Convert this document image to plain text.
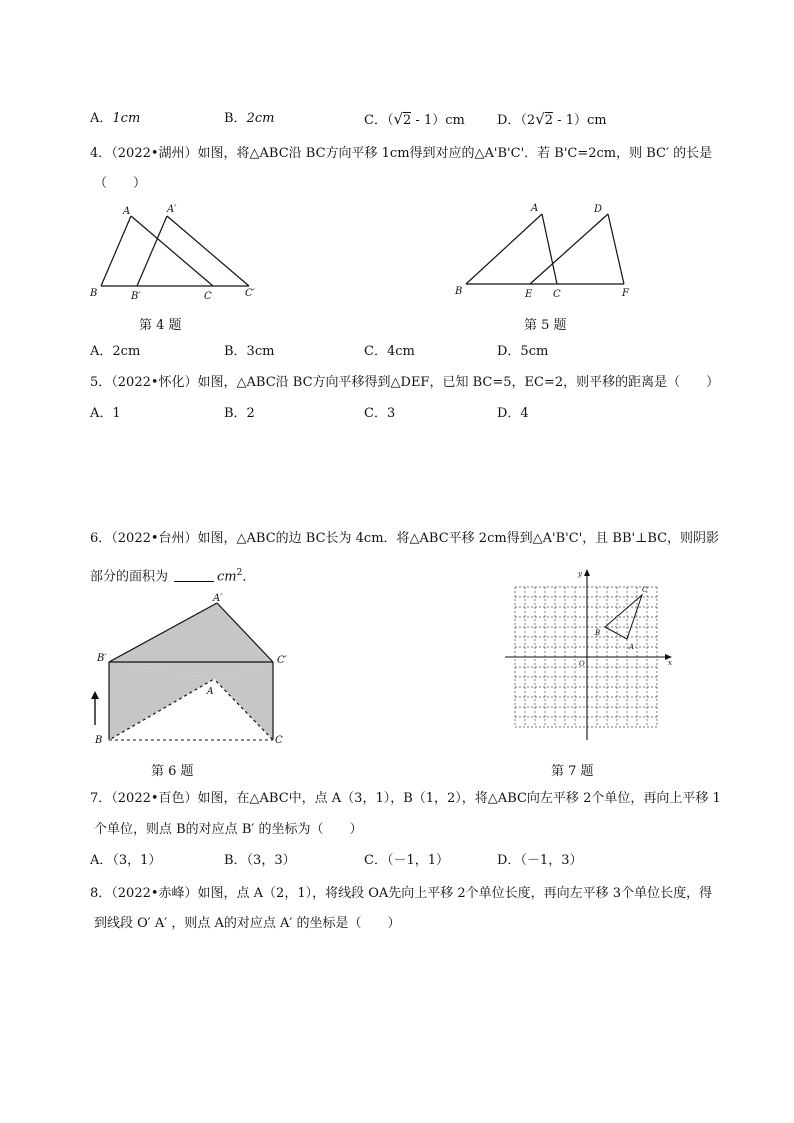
A．1cm	B．2cm	C．（√2 - 1）cm D．（2√2 - 1）cm
4．（2022•湖州）如图，将△ABC沿 BC方向平移 1cm得到对应的△A'B'C'．若 B'C=2cm，则 BC′ 的长是
（　　）
A	A′
B	B′	C	C′
第 4 题
A	D
B	E C	F
第 5 题
A．2cm	B．3cm	C．4cm	D．5cm
5．（2022•怀化）如图，△ABC沿 BC方向平移得到△DEF，已知 BC=5，EC=2，则平移的距离是（　　）
A．1	B．2	C．3	D．4
6．（2022•台州）如图，△ABC的边 BC长为 4cm．将△ABC平移 2cm得到△A'B'C'，且 BB'⊥BC，则阴影
部分的面积为	$cm^2$．
A′
B′	C′
A
B	C
第 6 题
x
y
O
A
B
C
第 7 题
7．（2022•百色）如图，在△ABC中，点 A（3，1），B（1，2），将△ABC向左平移 2个单位，再向上平移 1
个单位，则点 B的对应点 B′ 的坐标为（　　）
A．（3，1）	B．（3，3）	C．（－1，1）	D．（－1，3）
8．（2022•赤峰）如图，点 A（2，1），将线段 OA先向上平移 2个单位长度，再向左平移 3个单位长度，得
到线段 O′ A′ ，则点 A的对应点 A′ 的坐标是（　　）
